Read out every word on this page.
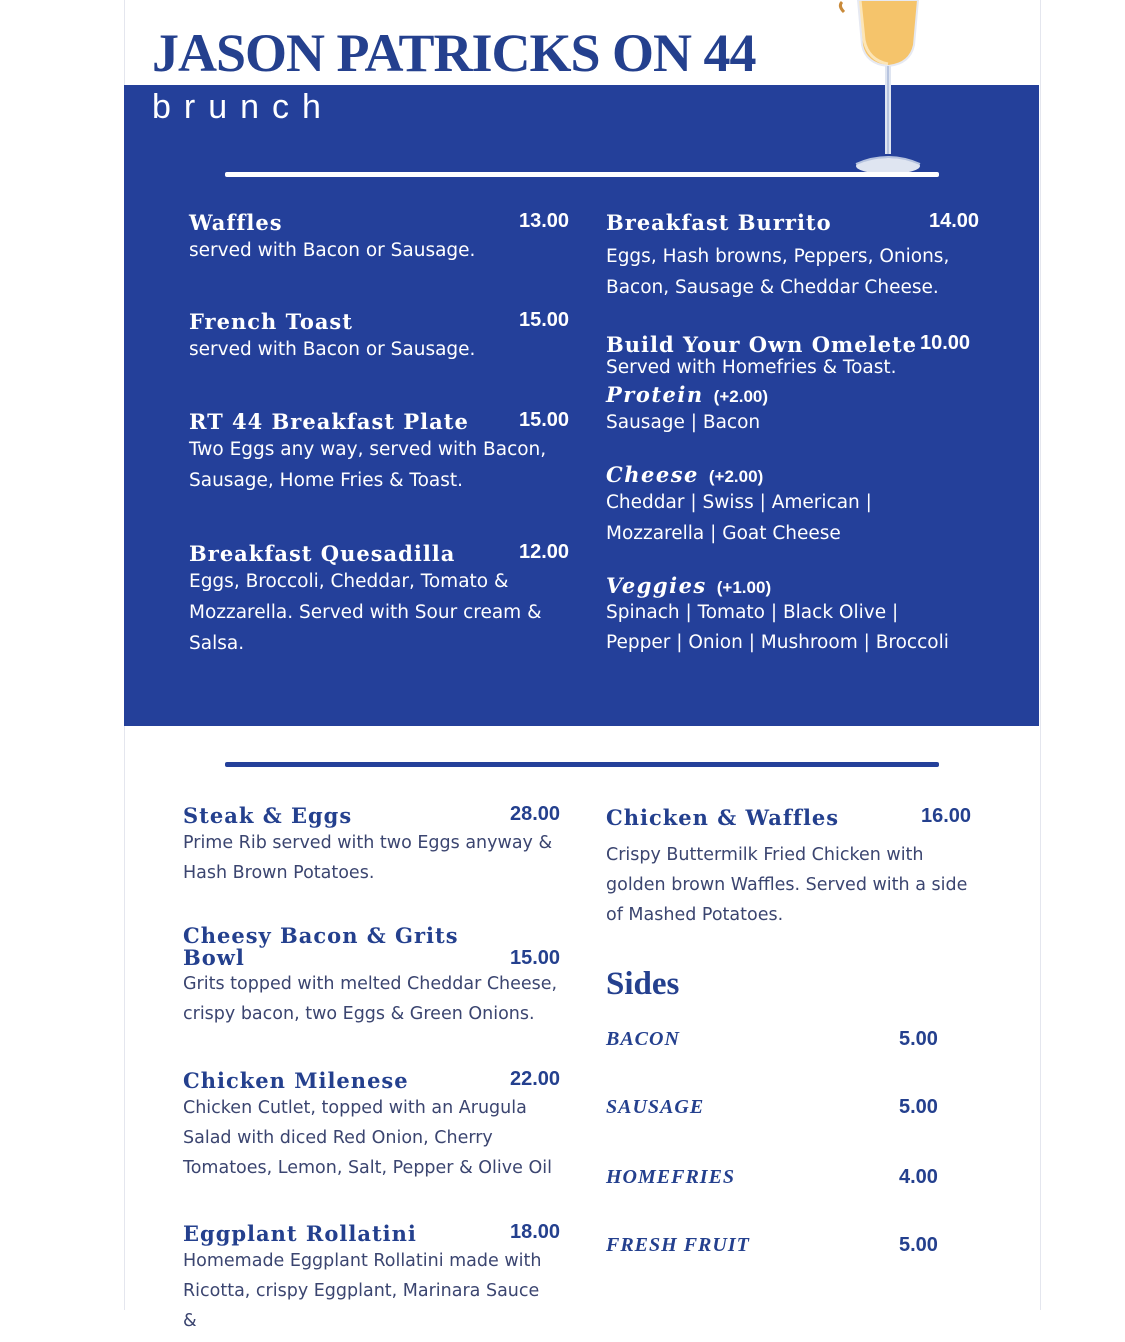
JASON PATRICKS ON 44
brunch
Waffles	13.00
served with Bacon or Sausage.
French Toast	15.00
served with Bacon or Sausage.
RT 44 Breakfast Plate	15.00
Two Eggs any way, served with Bacon, Sausage, Home Fries & Toast.
Breakfast Quesadilla	12.00
Eggs, Broccoli, Cheddar, Tomato & Mozzarella. Served with Sour cream & Salsa.
Breakfast Burrito	14.00
Eggs, Hash browns, Peppers, Onions, Bacon, Sausage & Cheddar Cheese.
Build Your Own Omelete 10.00
Served with Homefries & Toast.
Protein (+2.00)
Sausage | Bacon
Cheese (+2.00)
Cheddar | Swiss | American | Mozzarella | Goat Cheese
Veggies (+1.00)
Spinach | Tomato | Black Olive | Pepper | Onion | Mushroom | Broccoli
Steak & Eggs	28.00
Prime Rib served with two Eggs anyway & Hash Brown Potatoes.
Cheesy Bacon & Grits Bowl	15.00
Grits topped with melted Cheddar Cheese, crispy bacon, two Eggs & Green Onions.
Chicken Milenese	22.00
Chicken Cutlet, topped with an Arugula Salad with diced Red Onion, Cherry Tomatoes, Lemon, Salt, Pepper & Olive Oil
Eggplant Rollatini	18.00
Homemade Eggplant Rollatini made with Ricotta, crispy Eggplant, Marinara Sauce &
Chicken & Waffles	16.00
Crispy Buttermilk Fried Chicken with golden brown Waffles. Served with a side of Mashed Potatoes.
Sides
BACON	5.00
SAUSAGE	5.00
HOMEFRIES	4.00
FRESH FRUIT	5.00
